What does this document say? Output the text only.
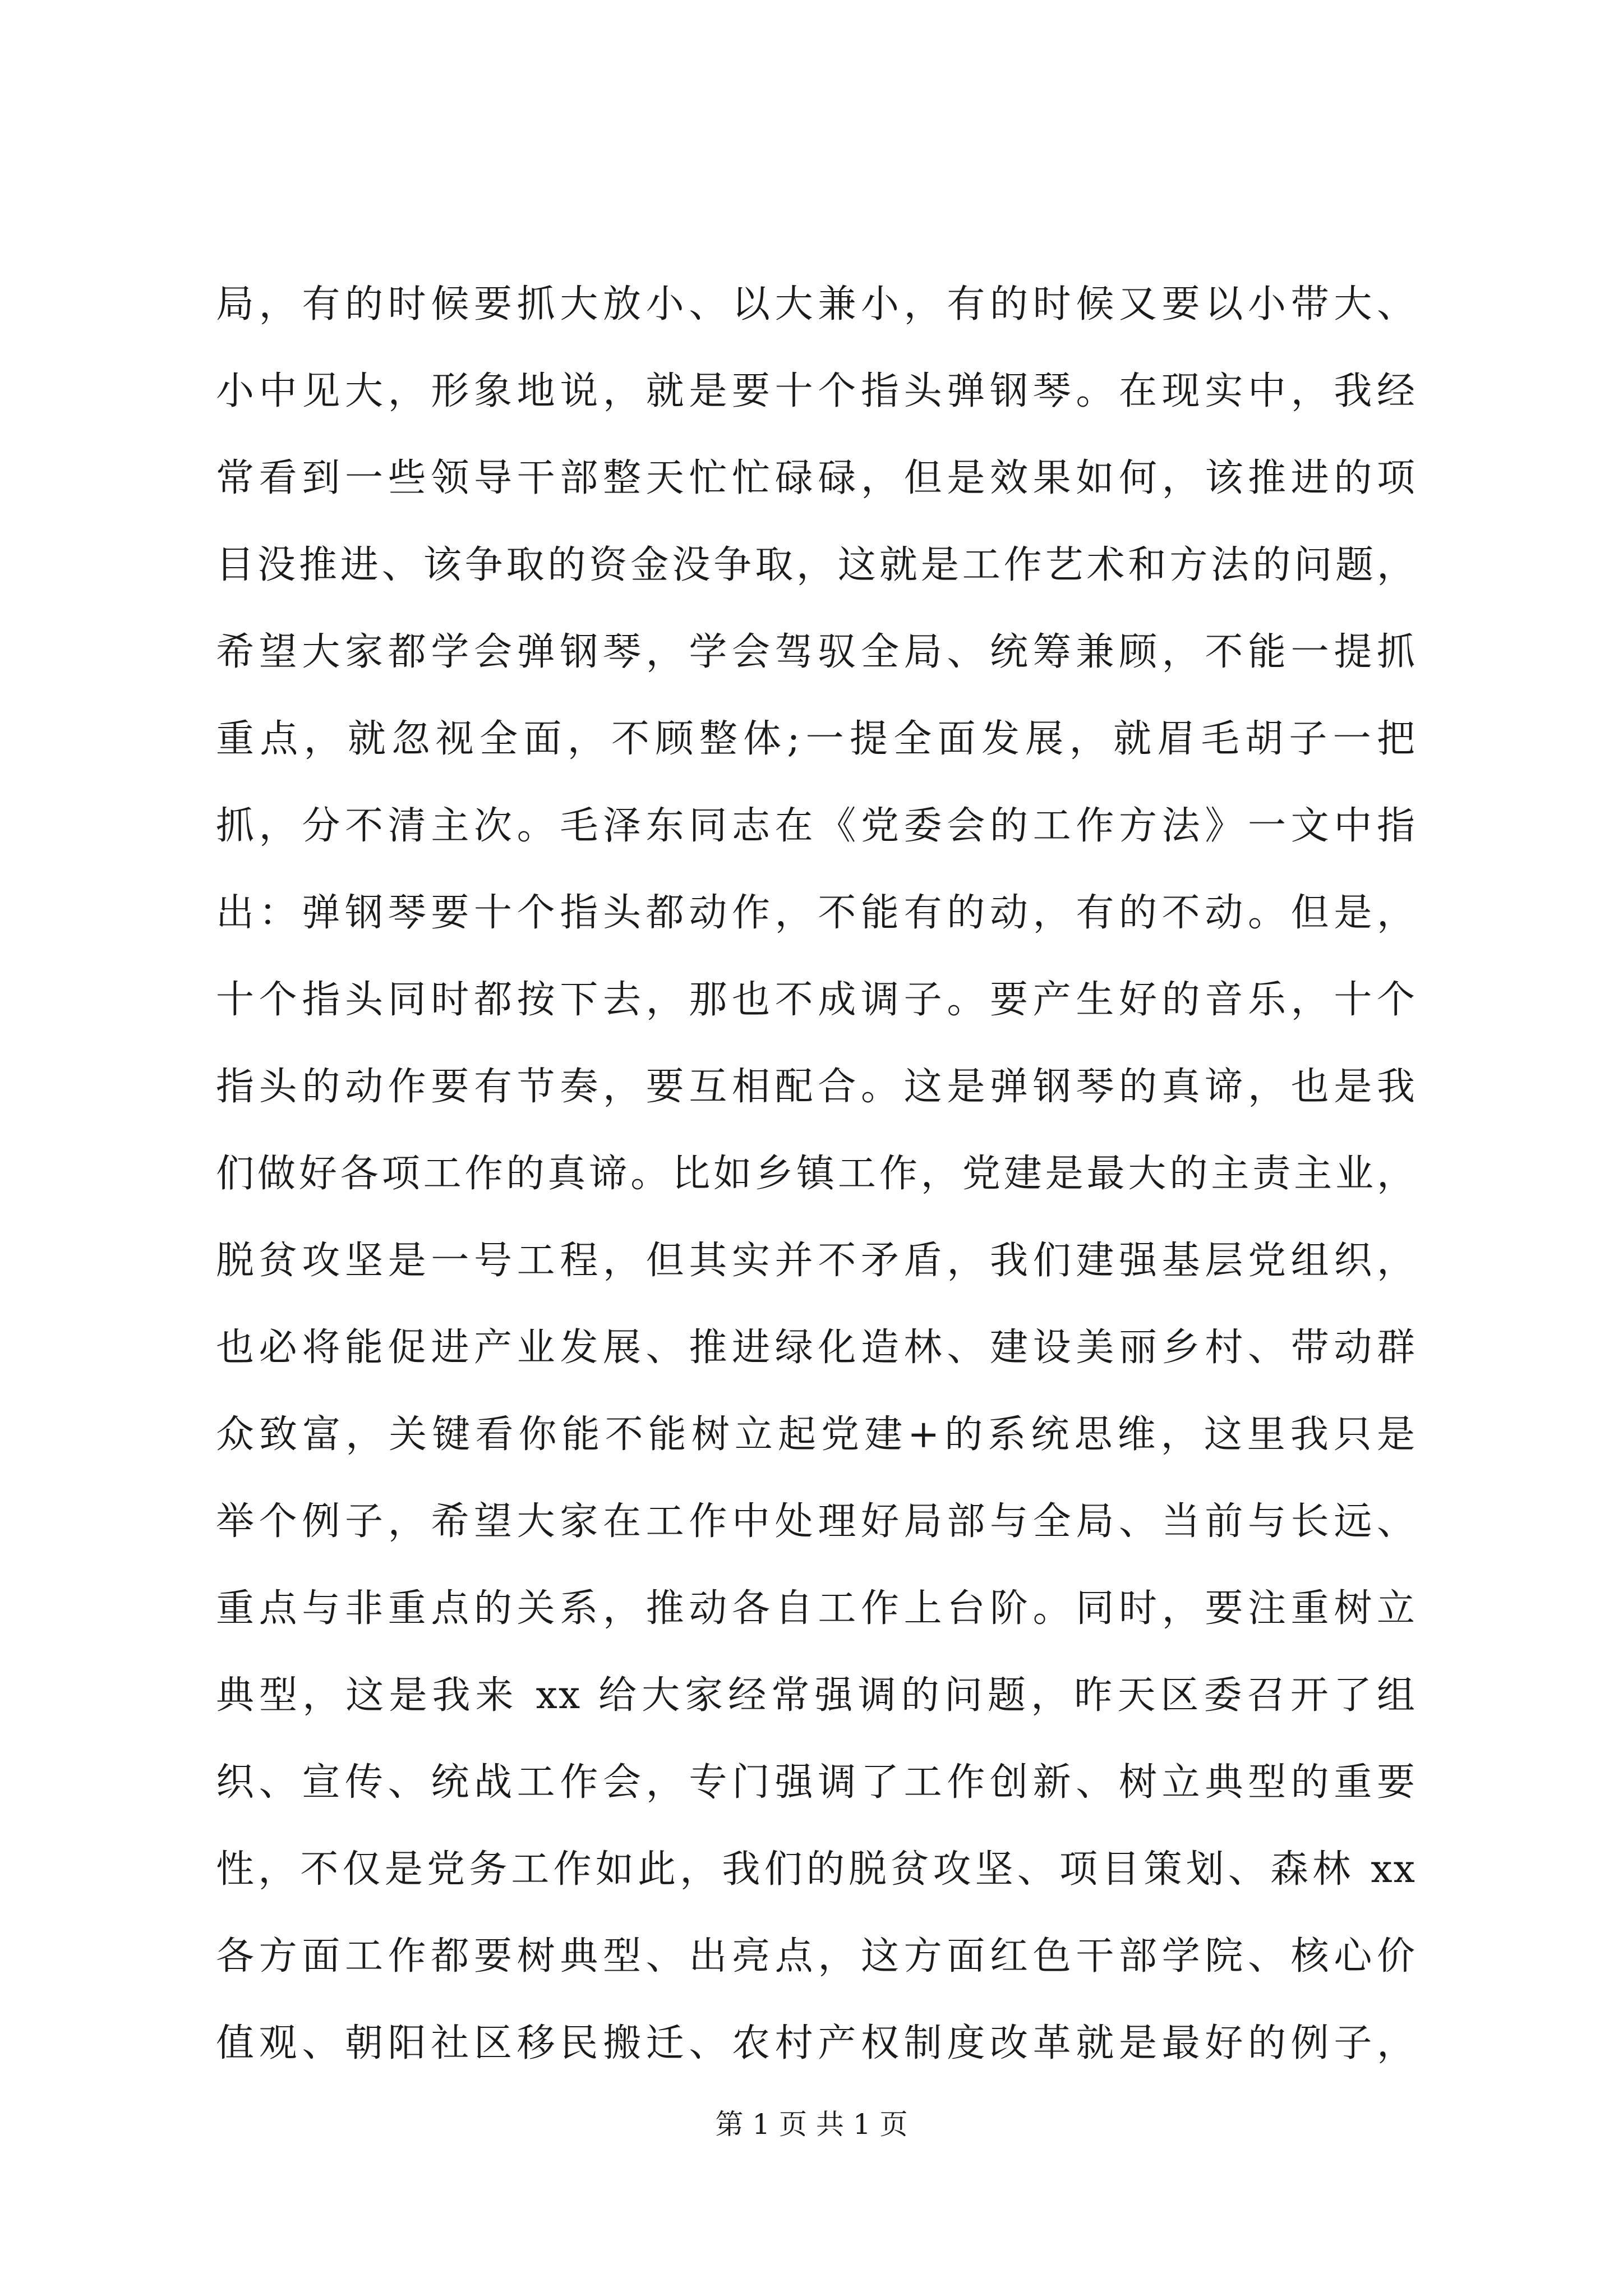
局，有的时候要抓大放小、以大兼小，有的时候又要以小带大、
小中见大，形象地说，就是要十个指头弹钢琴。在现实中，我经
常看到一些领导干部整天忙忙碌碌，但是效果如何，该推进的项
目没推进、该争取的资金没争取，这就是工作艺术和方法的问题，
希望大家都学会弹钢琴，学会驾驭全局、统筹兼顾，不能一提抓
重点，就忽视全面，不顾整体;一提全面发展，就眉毛胡子一把
抓，分不清主次。毛泽东同志在《党委会的工作方法》一文中指
出：弹钢琴要十个指头都动作，不能有的动，有的不动。但是，
十个指头同时都按下去，那也不成调子。要产生好的音乐，十个
指头的动作要有节奏，要互相配合。这是弹钢琴的真谛，也是我
们做好各项工作的真谛。比如乡镇工作，党建是最大的主责主业，
脱贫攻坚是一号工程，但其实并不矛盾，我们建强基层党组织，
也必将能促进产业发展、推进绿化造林、建设美丽乡村、带动群
众致富，关键看你能不能树立起党建+的系统思维，这里我只是
举个例子，希望大家在工作中处理好局部与全局、当前与长远、
重点与非重点的关系，推动各自工作上台阶。同时，要注重树立
典型，这是我来 xx 给大家经常强调的问题，昨天区委召开了组
织、宣传、统战工作会，专门强调了工作创新、树立典型的重要
性，不仅是党务工作如此，我们的脱贫攻坚、项目策划、森林 xx
各方面工作都要树典型、出亮点，这方面红色干部学院、核心价
值观、朝阳社区移民搬迁、农村产权制度改革就是最好的例子，
第 1 页 共 1 页
